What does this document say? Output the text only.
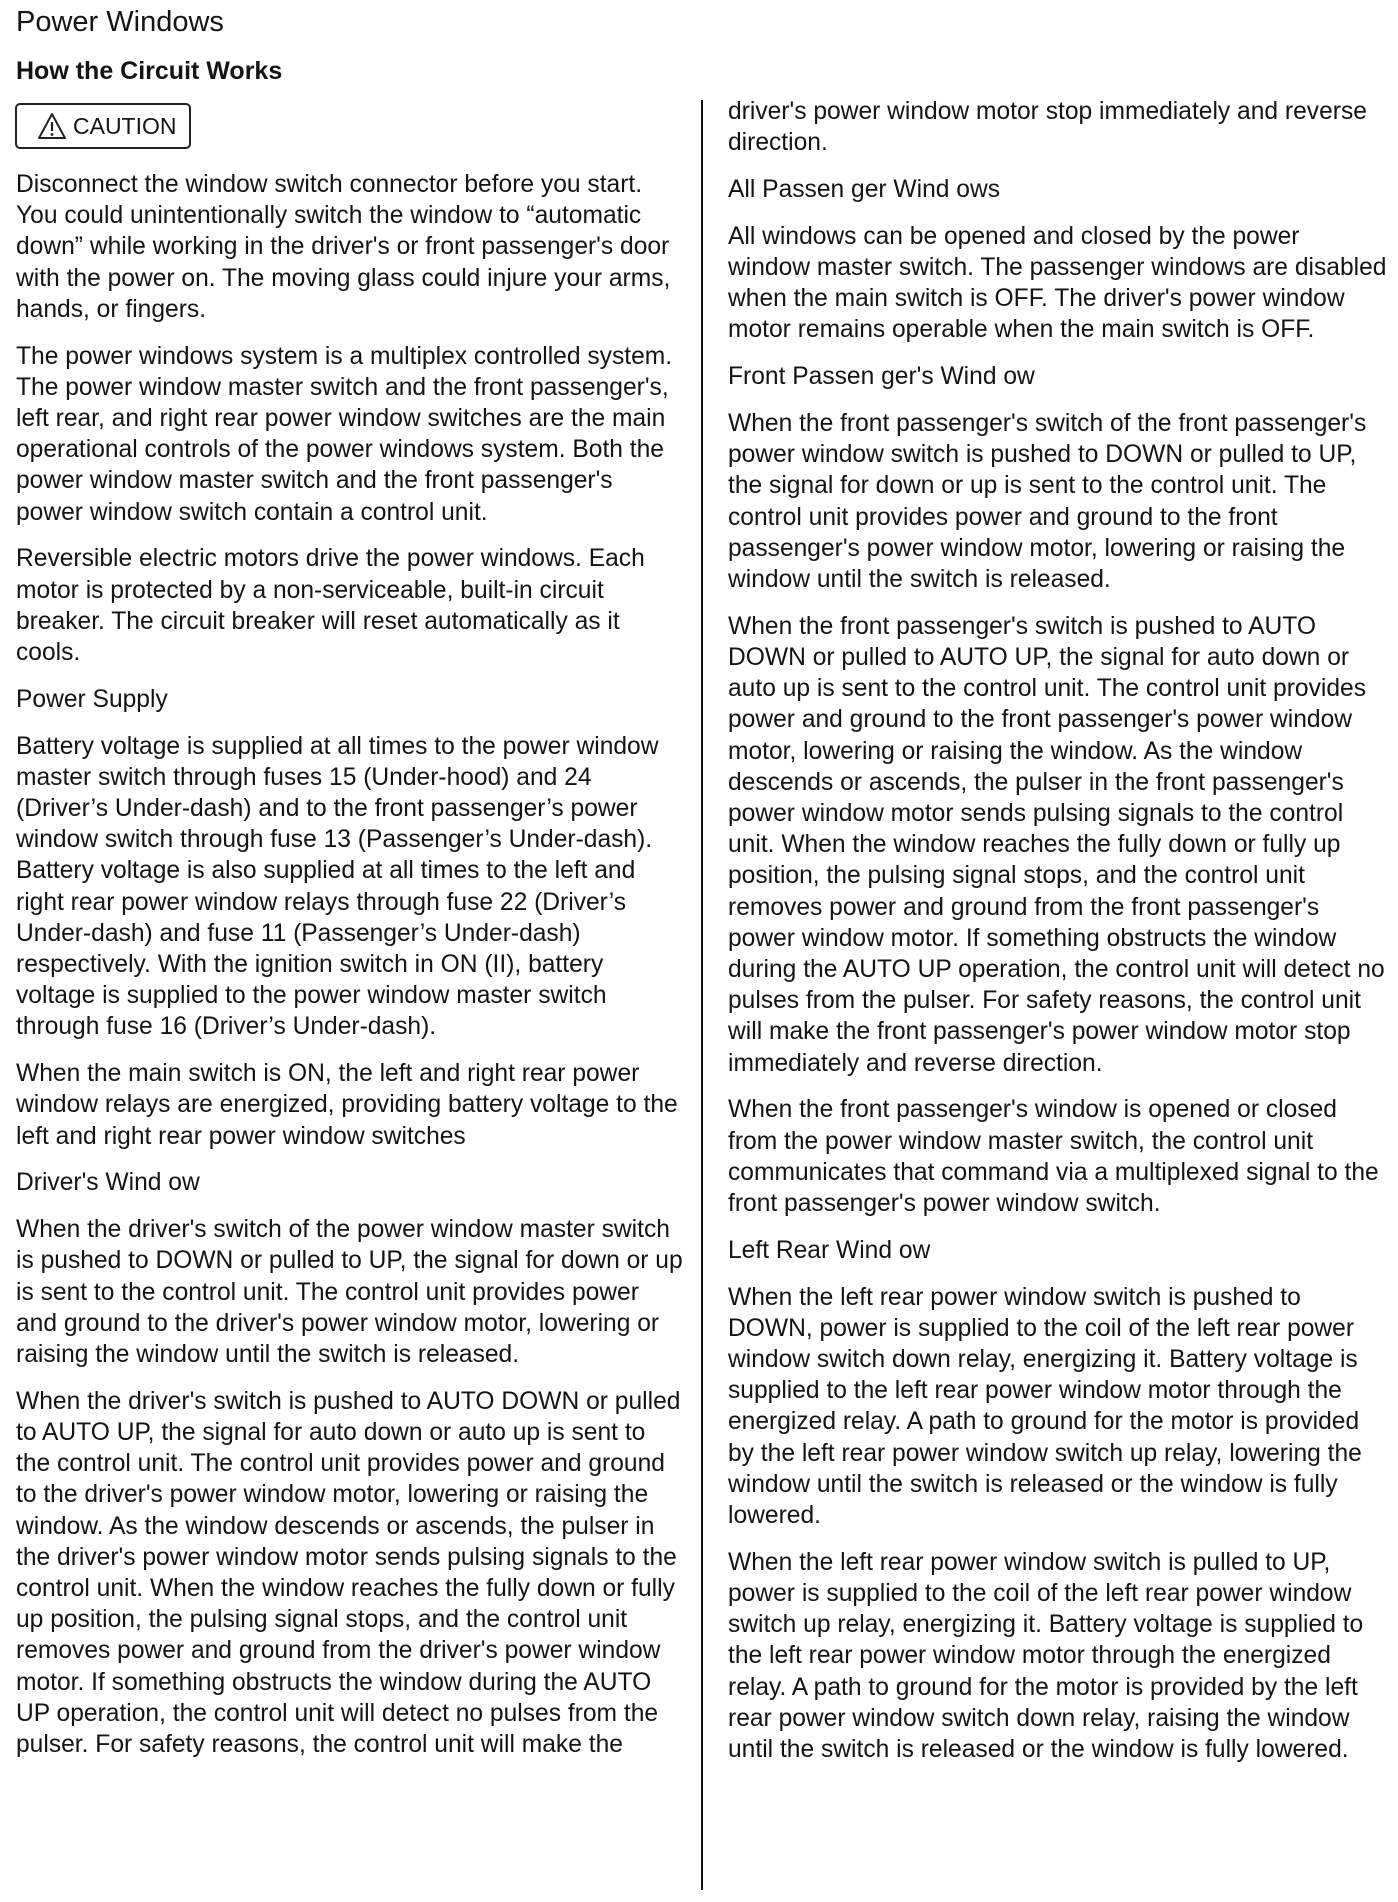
Power Windows
How the Circuit Works
CAUTION

Disconnect the window switch connector before you start. You could unintentionally switch the window to “automatic down” while working in the driver's or front passenger's door with the power on. The moving glass could injure your arms, hands, or fingers.

The power windows system is a multiplex controlled system. The power window master switch and the front passenger's, left rear, and right rear power window switches are the main operational controls of the power windows system. Both the power window master switch and the front passenger's power window switch contain a control unit.

Reversible electric motors drive the power windows. Each motor is protected by a non-serviceable, built-in circuit breaker. The circuit breaker will reset automatically as it cools.

Power Supply

Battery voltage is supplied at all times to the power window master switch through fuses 15 (Under-hood) and 24 (Driver’s Under-dash) and to the front passenger’s power window switch through fuse 13 (Passenger’s Under-dash). Battery voltage is also supplied at all times to the left and right rear power window relays through fuse 22 (Driver’s Under-dash) and fuse 11 (Passenger’s Under-dash) respectively. With the ignition switch in ON (II), battery voltage is supplied to the power window master switch through fuse 16 (Driver’s Under-dash).

When the main switch is ON, the left and right rear power window relays are energized, providing battery voltage to the left and right rear power window switches

Driver's Wind ow

When the driver's switch of the power window master switch is pushed to DOWN or pulled to UP, the signal for down or up is sent to the control unit. The control unit provides power and ground to the driver's power window motor, lowering or raising the window until the switch is released.

When the driver's switch is pushed to AUTO DOWN or pulled to AUTO UP, the signal for auto down or auto up is sent to the control unit. The control unit provides power and ground to the driver's power window motor, lowering or raising the window. As the window descends or ascends, the pulser in the driver's power window motor sends pulsing signals to the control unit. When the window reaches the fully down or fully up position, the pulsing signal stops, and the control unit removes power and ground from the driver's power window motor. If something obstructs the window during the AUTO UP operation, the control unit will detect no pulses from the pulser. For safety reasons, the control unit will make the

driver's power window motor stop immediately and reverse direction.

All Passen ger Wind ows

All windows can be opened and closed by the power window master switch. The passenger windows are disabled when the main switch is OFF. The driver's power window motor remains operable when the main switch is OFF.

Front Passen ger's Wind ow

When the front passenger's switch of the front passenger's power window switch is pushed to DOWN or pulled to UP, the signal for down or up is sent to the control unit. The control unit provides power and ground to the front passenger's power window motor, lowering or raising the window until the switch is released.

When the front passenger's switch is pushed to AUTO DOWN or pulled to AUTO UP, the signal for auto down or auto up is sent to the control unit. The control unit provides power and ground to the front passenger's power window motor, lowering or raising the window. As the window descends or ascends, the pulser in the front passenger's power window motor sends pulsing signals to the control unit. When the window reaches the fully down or fully up position, the pulsing signal stops, and the control unit removes power and ground from the front passenger's power window motor. If something obstructs the window during the AUTO UP operation, the control unit will detect no pulses from the pulser. For safety reasons, the control unit will make the front passenger's power window motor stop immediately and reverse direction.

When the front passenger's window is opened or closed from the power window master switch, the control unit communicates that command via a multiplexed signal to the front passenger's power window switch.

Left Rear Wind ow

When the left rear power window switch is pushed to DOWN, power is supplied to the coil of the left rear power window switch down relay, energizing it. Battery voltage is supplied to the left rear power window motor through the energized relay. A path to ground for the motor is provided by the left rear power window switch up relay, lowering the window until the switch is released or the window is fully lowered.

When the left rear power window switch is pulled to UP, power is supplied to the coil of the left rear power window switch up relay, energizing it. Battery voltage is supplied to the left rear power window motor through the energized relay. A path to ground for the motor is provided by the left rear power window switch down relay, raising the window until the switch is released or the window is fully lowered.
